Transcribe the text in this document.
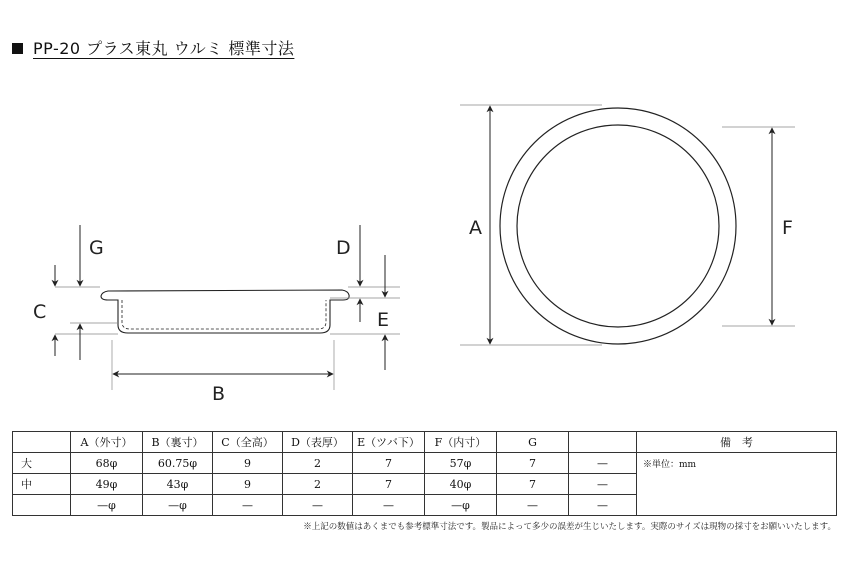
PP-20 プラス東丸 ウルミ 標準寸法
G
C
D
E
B
A	F
	A（外寸）	B（裏寸）	C（全高）	D（表厚）	E（ツバ下）	F（内寸）	G		備　考
大	68φ	60.75φ	9	2	7	57φ	7	—	※単位：mm
中	49φ	43φ	9	2	7	40φ	7	—	
	—φ	—φ	—	—	—	—φ	—	—	
※上記の数値はあくまでも参考標準寸法です。製品によって多少の誤差が生じいたします。実際のサイズは現物の採寸をお願いいたします。
